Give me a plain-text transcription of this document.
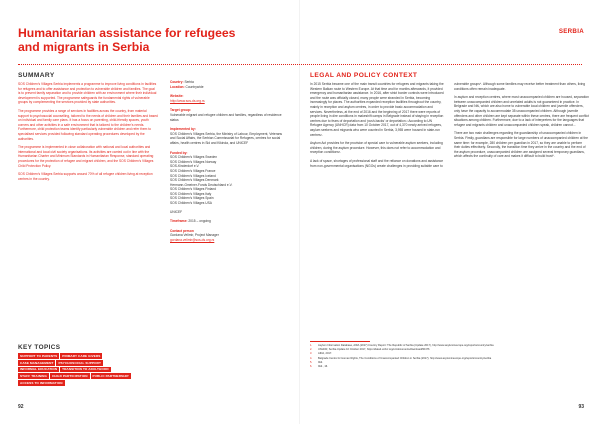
Humanitarian assistance for refugees and migrants in Serbia
SUMMARY

SOS Children’s Villages Serbia implements a programme to improve living conditions in facilities for refugees and to offer assistance and protection to vulnerable children and families. The goal is to prevent family separation and to provide children with an environment where their individual development is supported. The programme safeguards the fundamental rights of vulnerable groups by complementing the services provided by state authorities.

The programme provides a range of services in facilities across the country, from material support to psychosocial counselling, tailored to the needs of children and their families and based on individual and family care plans. It has a focus on parenting, child-friendly spaces, youth corners and other activities in a safe environment that is tailored to the children’s needs. Furthermore, child protection teams identify particularly vulnerable children and refer them to specialised services provided following standard operating procedures developed by the authorities.

The programme is implemented in close collaboration with national and local authorities and international and local civil society organisations. Its activities are carried out in line with the Humanitarian Charter and Minimum Standards in Humanitarian Response, standard operating procedures for the protection of refugee and migrant children, and the SOS Children’s Villages Child Protection Policy.

SOS Children’s Villages Serbia supports around 70% of all refugee children living at reception centres in the country.

Country: Serbia
Location: Countrywide
Website:
http://www.sos-ds.org.rs
Target group:
Vulnerable migrant and refugee children and families, regardless of residence status
Implemented by:
SOS Children’s Villages Serbia, the Ministry of Labour, Employment, Veterans and Social Affairs, the Serbian Commissariat for Refugees, centres for social affairs, health centres in Sid and Kikinda, and UNICEF
Funded by:
SOS Children’s Villages Sweden
SOS Children’s Villages Norway
SOS-Kinderdorf e.V.
SOS Children’s Villages France
SOS Children’s Villages Iceland
SOS Children’s Villages Denmark
Hermann-Gmeiner-Fonds Deutschland e.V.
SOS Children’s Villages Finland
SOS Children’s Villages Italy
SOS Children’s Villages Spain
SOS Children’s Villages USA
UNICEF
Timeframe: 2015 – ongoing
Contact person
Gordana Velimir, Project Manager
gordana.velimir@sos-ds.org.rs
KEY TOPICS
SUPPORT TO PARENTS	PRIMARY CARE GIVERS
CASE MANAGEMENT	PSYCHOSOCIAL SUPPORT
INFORMAL EDUCATION	TRANSITION TO ADULTHOOD
STAFF TRAINING	CHILD PARTICIPATION	PUBLIC PARTNERSHIP
ACCESS TO INFORMATION
92
SERBIA
LEGAL AND POLICY CONTEXT

In 2015 Serbia became one of the main transit countries for refugees and migrants taking the Western Balkan route to Western Europe. At that time and for months afterwards, it provided emergency and humanitarian assistance. In 2016, after strict border controls were introduced and the route was officially closed, many people were stranded in Serbia, becoming increasingly for places. The authorities expanded reception facilities throughout the country, mainly in reception and asylum centres, in order to provide basic accommodation and services. Nevertheless, at the end of 2016 and the beginning of 2017 there were reports of people living in dire conditions in makeshift camps in Belgrade instead of staying in reception centres due to fears of deportation and ‘push-backs’ or deportation.¹ According to UN Refugee Agency (UNHCR) data from 10 October 2017, out of 4,370 newly arrived refugees, asylum seekers and migrants who were counted in Serbia, 3,955 were housed in state-run centres².

Asylum Act provides for the provision of special care to vulnerable asylum seekers, including children, during the asylum procedure. However, this does not refer to accommodation and reception conditions³.

A lack of space, shortages of professional staff and the reliance on donations and assistance from non-governmental organisations (NGOs) create challenges in providing suitable care to

vulnerable groups⁴. Although some families may receive better treatment than others, living conditions often remain inadequate.

In asylum and reception centres, where most unaccompanied children are housed, separation between unaccompanied children and unrelated adults is not guaranteed in practice. In Belgrade and Niš, which are also home to vulnerable local children and juvenile offenders, only have the capacity to accommodate 35 unaccompanied children. Although juvenile offenders and other children are kept separate within these centres, there are frequent conflict situations among children. Furthermore, due to a lack of interpreters for the languages that refugee and migrants children and unaccompanied children speak, children cannot...

There are two main challenges regarding the guardianship of unaccompanied children in Serbia. Firstly, guardians are responsible for large numbers of unaccompanied children at the same time: for example, 280 children per guardian in 2017, so they are unable to perform their duties effectively. Secondly, the transition time they arrive in the country and the end of the asylum procedure, unaccompanied children are assigned several temporary guardians, which affects the continuity of care and makes it difficult to build trust⁵.

1.	Asylum Information Database, AIDA (2017) Country Report: The Republic of Serbia (Update 2017), http://www.asylumineurope.org/reports/country/serbia
2.	UNHCR, Serbia Update 10 October 2017, https://data2.unhcr.org/en/documents/download/60476
3.	AIDA, 2017.
4.	Belgrade Centre for Human Rights, The Conditions of Unaccompanied Children in Serbia (2017), http://www.asylumineurope.org/reports/country/serbia
5.	Ibid.
6.	Ibid., 16.
93
